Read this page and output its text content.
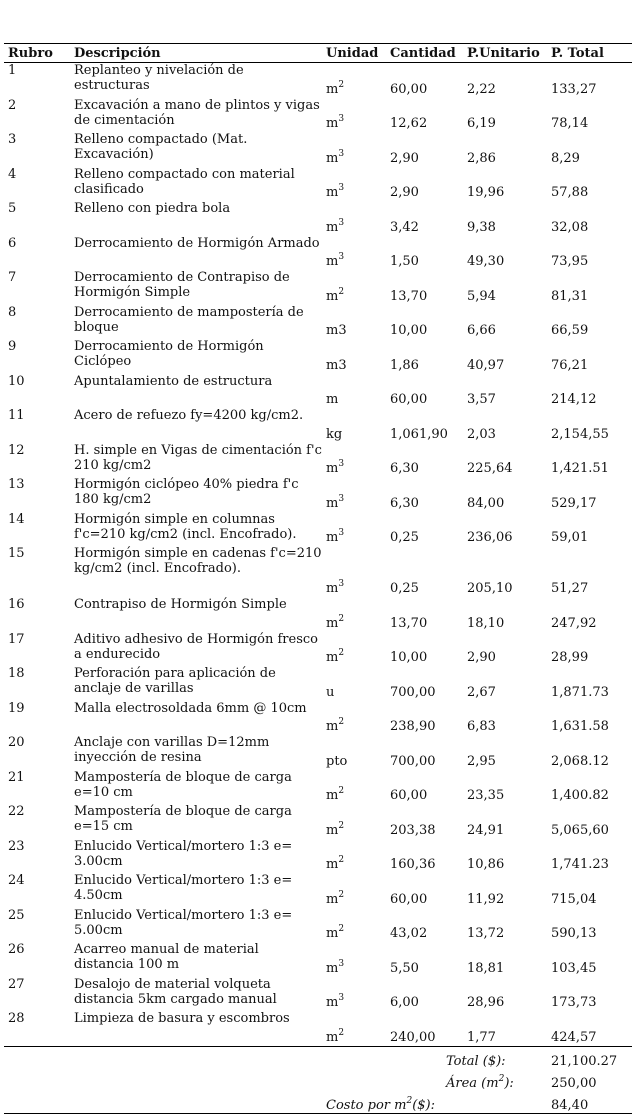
Rubro	Descripción	Unidad	Cantidad	P.Unitario	P. Total
1	Replanteo y nivelación de estructuras	$m^2$	60,00	2,22	133,27
2	Excavación a mano de plintos y vigas de cimentación	$m^3$	12,62	6,19	78,14
3	Relleno compactado (Mat. Excavación)	$m^3$	2,90	2,86	8,29
4	Relleno compactado con material clasificado	$m^3$	2,90	19,96	57,88
5	Relleno con piedra bola	$m^3$	3,42	9,38	32,08
6	Derrocamiento de Hormigón Armado	$m^3$	1,50	49,30	73,95
7	Derrocamiento de Contrapiso de Hormigón Simple	$m^2$	13,70	5,94	81,31
8	Derrocamiento de mampostería de bloque	m3	10,00	6,66	66,59
9	Derrocamiento de Hormigón Ciclópeo	m3	1,86	40,97	76,21
10	Apuntalamiento de estructura	m	60,00	3,57	214,12
11	Acero de refuezo fy=4200 kg/cm2.	kg	1,061,90	2,03	2,154,55
12	H. simple en Vigas de cimentación f'c 210 kg/cm2	$m^3$	6,30	225,64	1,421.51
13	Hormigón ciclópeo 40% piedra f'c 180 kg/cm2	$m^3$	6,30	84,00	529,17
14	Hormigón simple en columnas f'c=210 kg/cm2 (incl. Encofrado).	$m^3$	0,25	236,06	59,01
15	Hormigón simple en cadenas f'c=210 kg/cm2 (incl. Encofrado).	$m^3$	0,25	205,10	51,27
16	Contrapiso de Hormigón Simple	$m^2$	13,70	18,10	247,92
17	Aditivo adhesivo de Hormigón fresco a endurecido	$m^2$	10,00	2,90	28,99
18	Perforación para aplicación de anclaje de varillas	u	700,00	2,67	1,871.73
19	Malla electrosoldada 6mm @ 10cm	$m^2$	238,90	6,83	1,631.58
20	Anclaje con varillas D=12mm inyección de resina	pto	700,00	2,95	2,068.12
21	Mampostería de bloque de carga e=10 cm	$m^2$	60,00	23,35	1,400.82
22	Mampostería de bloque de carga e=15 cm	$m^2$	203,38	24,91	5,065,60
23	Enlucido Vertical/mortero 1:3 e= 3.00cm	$m^2$	160,36	10,86	1,741.23
24	Enlucido Vertical/mortero 1:3 e= 4.50cm	$m^2$	60,00	11,92	715,04
25	Enlucido Vertical/mortero 1:3 e= 5.00cm	$m^2$	43,02	13,72	590,13
26	Acarreo manual de material distancia 100 m	$m^3$	5,50	18,81	103,45
27	Desalojo de material volqueta distancia 5km cargado manual	$m^3$	6,00	28,96	173,73
28	Limpieza de basura y escombros	$m^2$	240,00	1,77	424,57
			Total ($):		21,100.27
			Área $(m^2)$:		250,00
		Costo por $m^2(\$)$:			84,40
